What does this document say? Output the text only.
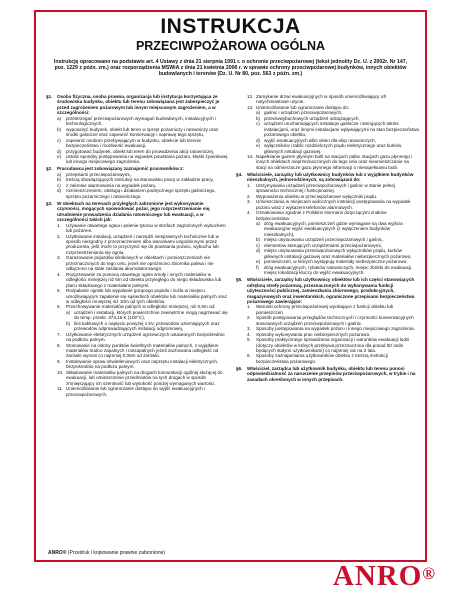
INSTRUKCJA
PRZECIWPOŻAROWA OGÓLNA
Instrukcję opracowano na podstawie art. 4 Ustawy z dnia 21 sierpnia 1991 r. o ochronie przeciwpożarowej (tekst jednolity Dz. U. z 2002r. Nr 147, poz. 1229 z późn. zm.) oraz rozporządzenia MSWiA z dnia 21 kwietnia 2006 r. w sprawie ochrony przeciwpożarowej budynków, innych obiektów budowlanych i terenów (Dz. U. Nr 80, poz. 563 z późn. zm.)
§1.	Osoba fizyczna, osoba prawna, organizacja lub instytucja korzystająca ze środowiska budynku, obiektu lub terenu zobowiązana jest zabezpieczyć je przed zagrożeniem pożarowym lub innym miejscowym zagrożeniem, a w szczególności:
a)	przestrzegać przeciwpożarowych wymagań budowlanych, instalacyjnych i technologicznych,
b)	wyposażyć budynek, obiekt lub teren w sprzęt pożarniczy i ratowniczy oraz środki gaśnicze oraz zapewnić konserwację i naprawę tego sprzętu,
c)	zapewnić osobom przebywającym w budynku, obiekcie lub terenie bezpieczeństwo i możliwość ewakuacji,
d)	przygotować budynek, obiekt lub teren do prowadzenia akcji ratowniczej,
e)	ustalić sposoby postępowania na wypadek powstania pożaru, klęski żywiołowej lub innego miejscowego zagrożenia.
§2.	Pracodawca jest zobowiązany zaznajomić pracowników z:
a)	przepisami przeciwpożarowymi,
b)	treścią obowiązujących instrukcji na stanowisku pracy w zakładzie pracy,
c)	z zakresie alarmowania na wypadek pożaru,
d)	rozmieszczeniem, obsługą i działaniem podręcznego sprzętu gaśniczego, sprzętu pożarniczego i ratowniczego.
§3.	W obiektach na terenach przyległych zabronione jest wykonywanie czynności, mogących spowodować pożar, jego rozprzestrzenianie się, utrudnienie prowadzenia działania ratowniczego lub ewakuacji, a w szczególności takich jak:
1.	Używanie otwartego ognia i palenie tytoniu w strefach zagrożonych wybuchem lub pożarem.
2.	Użytkowanie instalacji, urządzeń i narzędzi niesprawnych technicznie lub w sposób niezgodny z przeznaczeniem albo warunkami uzgodnionymi przez producenta, jeśli może to przyczynić się do powstania pożaru, wybuchu lub rozprzestrzeniania się ognia.
3.	Garażowanie pojazdów silnikowych w obiektach i pomieszczeniach nie przeznaczonych do tego celu, jeżeli nie opróżniono zbiornika paliwa i nie odłączono na stałe zasilania akumulatorowego.
4.	Rozgrzewanie za pomocą otwartego ognia smoły i innych materiałów w odległości mniejszej niż 5m od obiektu przyległego do niego składowiska lub placu składowego z materiałami palnymi.
5.	Rozpalanie ognisk lub wypalanie gorącego popiołu i żużla w miejscu umożliwiającym zapalenie się sąsiednich obiektów lub materiałów palnych oraz w odległości mniejszej niż 10m od tych obiektów.
6.	Przechowywanie materiałów palnych w odległości mniejszej, niż 0,5m od:
a) urządzeń i instalacji, których powierzchnie zewnętrzne mogą nagrzewać się do temp. przekr. 373,15 K (100°C),
b) linii kablowych o napięciu powyżej 1 kV, przewodów uziemiających oraz przewodów odprowadzających instalacji odgromowej,
7.	Użytkowanie elektrycznych urządzeń ogrzewczych ustawionych bezpośrednio na podłożu palnym.
8.	Stosowanie na osłony punktów świetlnych materiałów palnych, z wyjątkiem materiałów trudno zapalnych i niezapalnych jeżeli zachowana odległość od żarówki wynosi co najmniej 0,05m od żarówki.
9.	Instalowanie opraw oświetleniowych oraz osprzętu instalacji elektrycznych, bezpośrednio na podłożu palnym.
10. Składowanie materiałów palnych na drogach komunikacji ogólnej służącej do ewakuacji, lub umieszczenie przedmiotów na tych drogach w sposób zmniejszający ich szerokość lub wysokość poniżej wymaganych wartości.
11. Uniemożliwianie lub ograniczanie dostępu do wyjść ewakuacyjnych i przeciwpożarowych.
12. Zamykanie drzwi ewakuacyjnych w sposób uniemożliwiający ich natychmiastowe użycie.
13. Uniemożliwianie lub ograniczanie dostępu do:
a) gaśnic i urządzeń przeciwpożarowych,
b) przeciwwybuchowych urządzeń odciążających,
c) urządzeń uruchamiających instalacje gaśnicze i sterujących takimi instalacjami, oraz innymi instalacjami wpływającymi na stan bezpieczeństwa pożarowego obiektu,
d) wyjść ewakuacyjnych albo okien dla ekip ratowniczych,
e) wyłączników i tablic rozdzielczych prądu elektrycznego oraz kurków głównych instalacji gazowej.
14. Napełnianie gazem płynnym butli na stacjach paliw, stacjach gazu płynnego i innych obiektach nieprzeznaczonych do tego celu oraz nieumieszczanie na stacji na odmierzacze gazu płynnego informacji o nienapełnianiu butli.
§4.	Właściciele, zarządcy lub użytkownicy budynków lub z wyjątkiem budynków mieszkalnych, jednorodzinnych, są zobowiązani do:
1.	Utrzymywania urządzeń przeciwpożarowych i gaśnic w stanie pełnej sprawności technicznej i funkcjonalnej.
2.	Wyposażenia obiektu w przeciwpożarowe wyłączniki prądu.
3.	Umieszczania w miejscach widocznych instrukcji postępowania na wypadek pożaru wraz z wykazem telefonów alarmowych.
4.	Oznakowania zgodnie z Polskimi Normami dotyczącymi znaków bezpieczeństwa:
a) dróg ewakuacyjnych, pomieszczeń gdzie wymagane są dwa wyjścia ewakuacyjne wyjść ewakuacyjnych (z wyłączeniem budynków mieszkalnych),
b) miejsc usytuowania urządzeń przeciwpożarowych i gaśnic,
c) elementów sterujących urządzeniami przeciwpożarowymi,
d) miejsc usytuowania przeciwpożarowych wyłączników prądu, kurków głównych instalacji gazowej oraz materiałów niebezpiecznych pożarowo,
e) pomieszczeń, w których występują materiały niebezpieczne pożarowo,
f)	dróg ewakuacyjnych, rybaków ratowniczych, miejsc zbiórki do ewakuacji, miejsc lokalizacji kluczy do wyjść ewakuacyjnych.
§5.	Właściciele, zarządcy lub użytkownicy obiektów lub ich części stanowiących odrębną strefę pożarową, przeznaczonych do wykonywania funkcji użyteczności publicznej, zamieszkania zbiorowego, produkcyjnych, magazynowych oraz inwentarskich, ograniczone przepisami bezpieczeństwa pożarowego zawierające:
1.	Warunki ochrony przeciwpożarowej wynikające z funkcji obiektu lub pomieszczeń.
2.	Sposób postępowania przeglądów technicznych i czynności konserwacyjnych stosowanych urządzeń przeciwpożarowych i gaśnic.
3.	Sposoby postępowania na wypadek pożaru i innego miejscowego zagrożenia.
4.	Sposoby wykonywania prac niebezpiecznych pożarowo.
5.	Sposoby praktycznego sprawdzania organizacji i warunków ewakuacji ludzi (dotyczy obiektów w których przebywa przeznaczona dla ponad 50 osób będących stałymi użytkownikami) co najmniej raz na 2 lata.
6.	Sposoby zaznajamiania użytkowników obiektu z treścią instrukcji bezpieczeństwa pożarowego.
§6.	Właściciel, zarządca lub użytkownik budynku, obiektu lub terenu ponosi odpowiedzialność za naruszenie przepisów przeciwpożarowych, w trybie i na zasadach określonych w innych przepisach.
ANRO® (Przedruk i kopiowanie prawnie zabronione)
ANRO®
